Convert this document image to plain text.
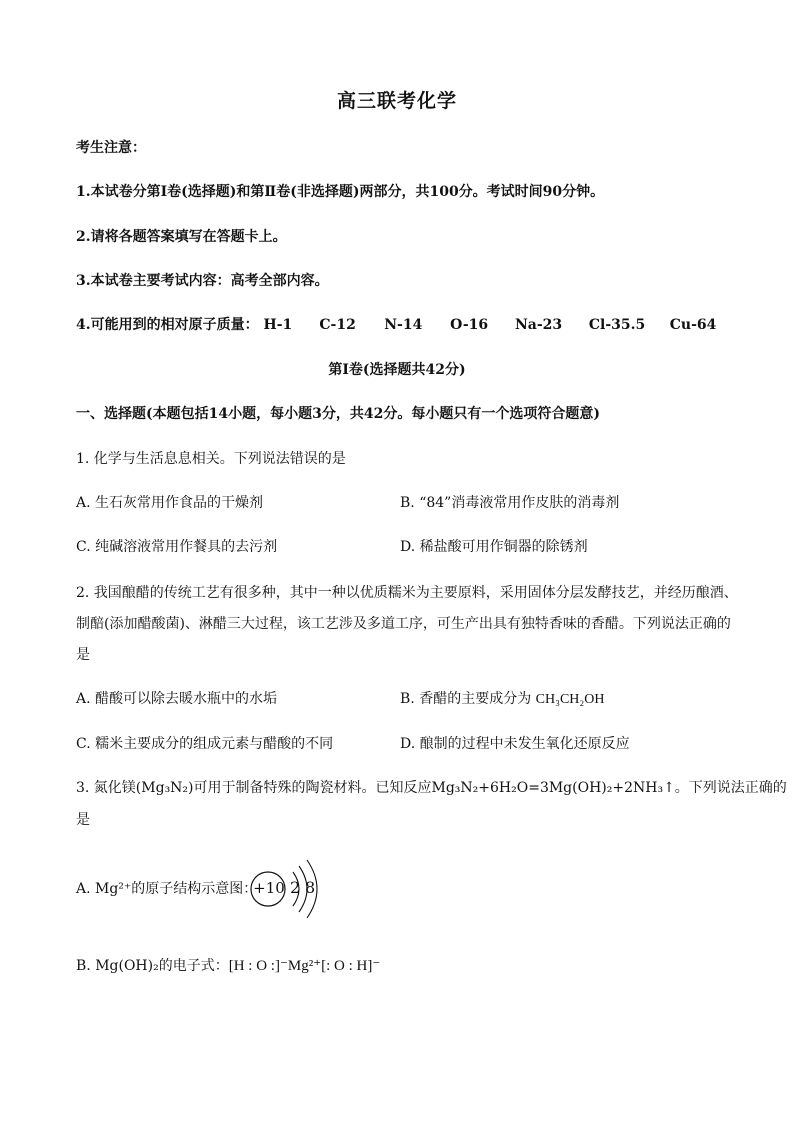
高三联考化学
考生注意：
1.本试卷分第Ⅰ卷(选择题)和第Ⅱ卷(非选择题)两部分，共100分。考试时间90分钟。
2.请将各题答案填写在答题卡上。
3.本试卷主要考试内容：高考全部内容。
4.可能用到的相对原子质量： H-1 C-12 N-14 O-16 Na-23 Cl-35.5 Cu-64
第Ⅰ卷(选择题共42分)
一、选择题(本题包括14小题，每小题3分，共42分。每小题只有一个选项符合题意)
1. 化学与生活息息相关。下列说法错误的是
A. 生石灰常用作食品的干燥剂	B. “84”消毒液常用作皮肤的消毒剂
C. 纯碱溶液常用作餐具的去污剂	D. 稀盐酸可用作铜器的除锈剂
2. 我国酿醋的传统工艺有很多种，其中一种以优质糯米为主要原料，采用固体分层发酵技艺，并经历酿酒、
制醅(添加醋酸菌)、淋醋三大过程，该工艺涉及多道工序，可生产出具有独特香味的香醋。下列说法正确的
是
A. 醋酸可以除去暖水瓶中的水垢	B. 香醋的主要成分为 CH₃CH₂OH
C. 糯米主要成分的组成元素与醋酸的不同	D. 酿制的过程中未发生氧化还原反应
3. 氮化镁(Mg₃N₂)可用于制备特殊的陶瓷材料。已知反应Mg₃N₂+6H₂O=3Mg(OH)₂+2NH₃↑。下列说法正确的
是
A. Mg²⁺的原子结构示意图：
+10 2 8
B. Mg(OH)₂的电子式：[H : O :]⁻Mg²⁺[: O : H]⁻
